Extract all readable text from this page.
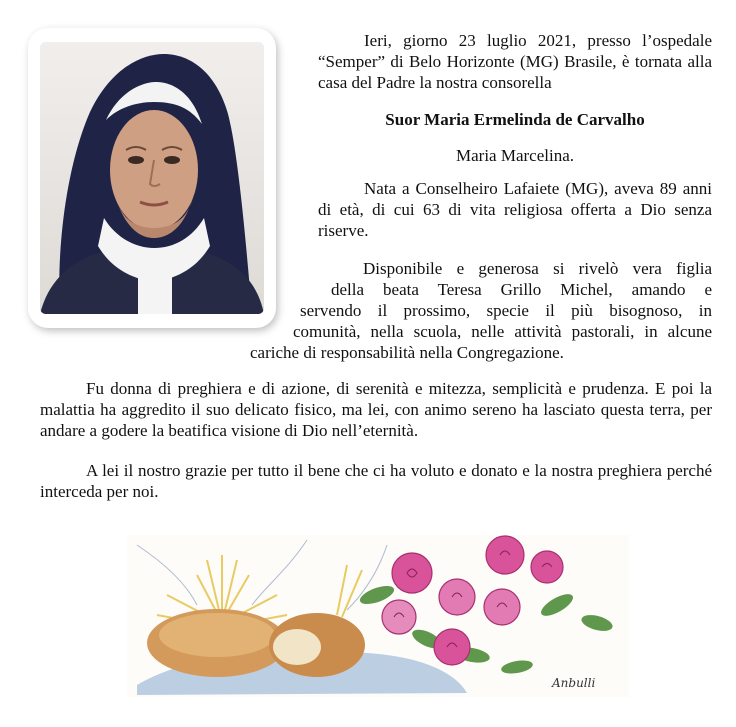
Ieri, giorno 23 luglio 2021, presso l’ospedale “Semper” di Belo Horizonte (MG) Brasile, è tornata alla casa del Padre la nostra consorella

Suor Maria Ermelinda de Carvalho

Maria Marcelina.

Nata a Conselheiro Lafaiete (MG), aveva 89 anni di età, di cui 63 di vita religiosa offerta a Dio senza riserve.

Disponibile e generosa si rivelò vera figlia
della beata Teresa Grillo Michel, amando e
servendo il prossimo, specie il più bisognoso, in
comunità, nella scuola, nelle attività pastorali, in alcune
cariche di responsabilità nella Congregazione.

Fu donna di preghiera e di azione, di serenità e mitezza, semplicità e prudenza. E poi la malattia ha aggredito il suo delicato fisico, ma lei, con animo sereno ha lasciato questa terra, per andare a godere la beatifica visione di Dio nell’eternità.

A lei il nostro grazie per tutto il bene che ci ha voluto e donato e la nostra preghiera perché interceda per noi.

Anbulli
